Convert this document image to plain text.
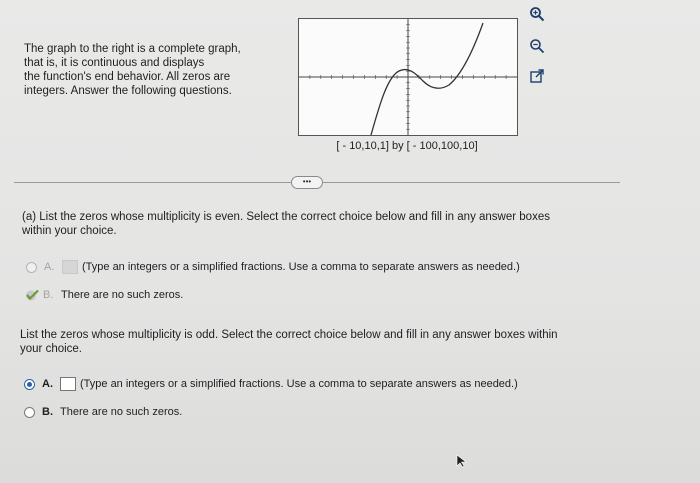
The graph to the right is a complete graph,
that is, it is continuous and displays
the function's end behavior. All zeros are
integers. Answer the following questions.
[ - 10,10,1] by [ - 100,100,10]
•••
(a) List the zeros whose multiplicity is even. Select the correct choice below and fill in any answer boxes
within your choice.
A.	(Type an integers or a simplified fractions. Use a comma to separate answers as needed.)
B. There are no such zeros.
List the zeros whose multiplicity is odd. Select the correct choice below and fill in any answer boxes within
your choice.
A.	(Type an integers or a simplified fractions. Use a comma to separate answers as needed.)
B. There are no such zeros.
